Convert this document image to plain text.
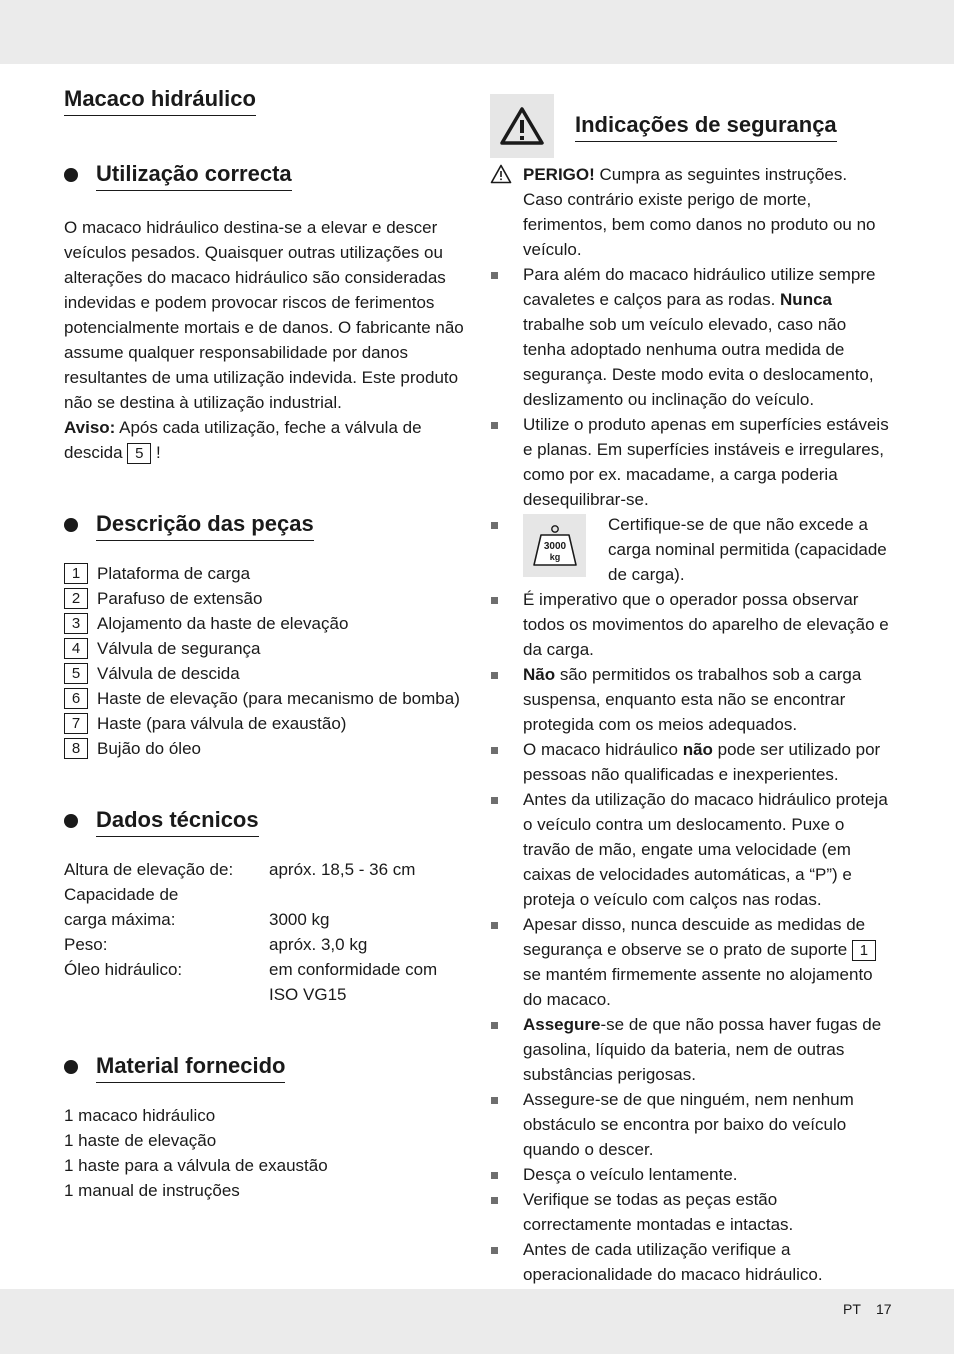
Macaco hidráulico
Utilização correcta

O macaco hidráulico destina-se a elevar e descer veículos pesados. Quaisquer outras utilizações ou alterações do macaco hidráulico são consideradas indevidas e podem provocar riscos de ferimentos potencialmente mortais e de danos. O fabricante não assume qualquer responsabilidade por danos resultantes de uma utilização indevida. Este produto não se destina à utilização industrial.

Aviso: Após cada utilização, feche a válvula de descida 5 !

Descrição das peças
1 Plataforma de carga
2 Parafuso de extensão
3 Alojamento da haste de elevação
4 Válvula de segurança
5 Válvula de descida
6 Haste de elevação (para mecanismo de bomba)
7 Haste (para válvula de exaustão)
8 Bujão do óleo
Dados técnicos
Altura de elevação de:	apróx. 18,5 - 36 cm
Capacidade de	
carga máxima:	3000 kg
Peso:	apróx. 3,0 kg
Óleo hidráulico:	em conformidade com
	ISO VG15
Material fornecido
1 macaco hidráulico
1 haste de elevação
1 haste para a válvula de exaustão
1 manual de instruções
Indicações de segurança
PERIGO! Cumpra as seguintes instruções. Caso contrário existe perigo de morte, ferimentos, bem como danos no produto ou no veículo.
Para além do macaco hidráulico utilize sempre cavaletes e calços para as rodas. Nunca trabalhe sob um veículo elevado, caso não tenha adoptado nenhuma outra medida de segurança. Deste modo evita o deslocamento, deslizamento ou inclinação do veículo.
Utilize o produto apenas em superfícies estáveis e planas. Em superfícies instáveis e irregulares, como por ex. macadame, a carga poderia desequilibrar-se.
3000
kg
Certifique-se de que não excede a carga nominal permitida (capacidade de carga).
É imperativo que o operador possa observar todos os movimentos do aparelho de elevação e da carga.
Não são permitidos os trabalhos sob a carga suspensa, enquanto esta não se encontrar protegida com os meios adequados.
O macaco hidráulico não pode ser utilizado por pessoas não qualificadas e inexperientes.
Antes da utilização do macaco hidráulico proteja o veículo contra um deslocamento. Puxe o travão de mão, engate uma velocidade (em caixas de velocidades automáticas, a “P”) e proteja o veículo com calços nas rodas.
Apesar disso, nunca descuide as medidas de segurança e observe se o prato de suporte 1 se mantém firmemente assente no alojamento do macaco.
Assegure-se de que não possa haver fugas de gasolina, líquido da bateria, nem de outras substâncias perigosas.
Assegure-se de que ninguém, nem nenhum obstáculo se encontra por baixo do veículo quando o descer.
Desça o veículo lentamente.
Verifique se todas as peças estão correctamente montadas e intactas.
Antes de cada utilização verifique a operacionalidade do macaco hidráulico.
PT 17
